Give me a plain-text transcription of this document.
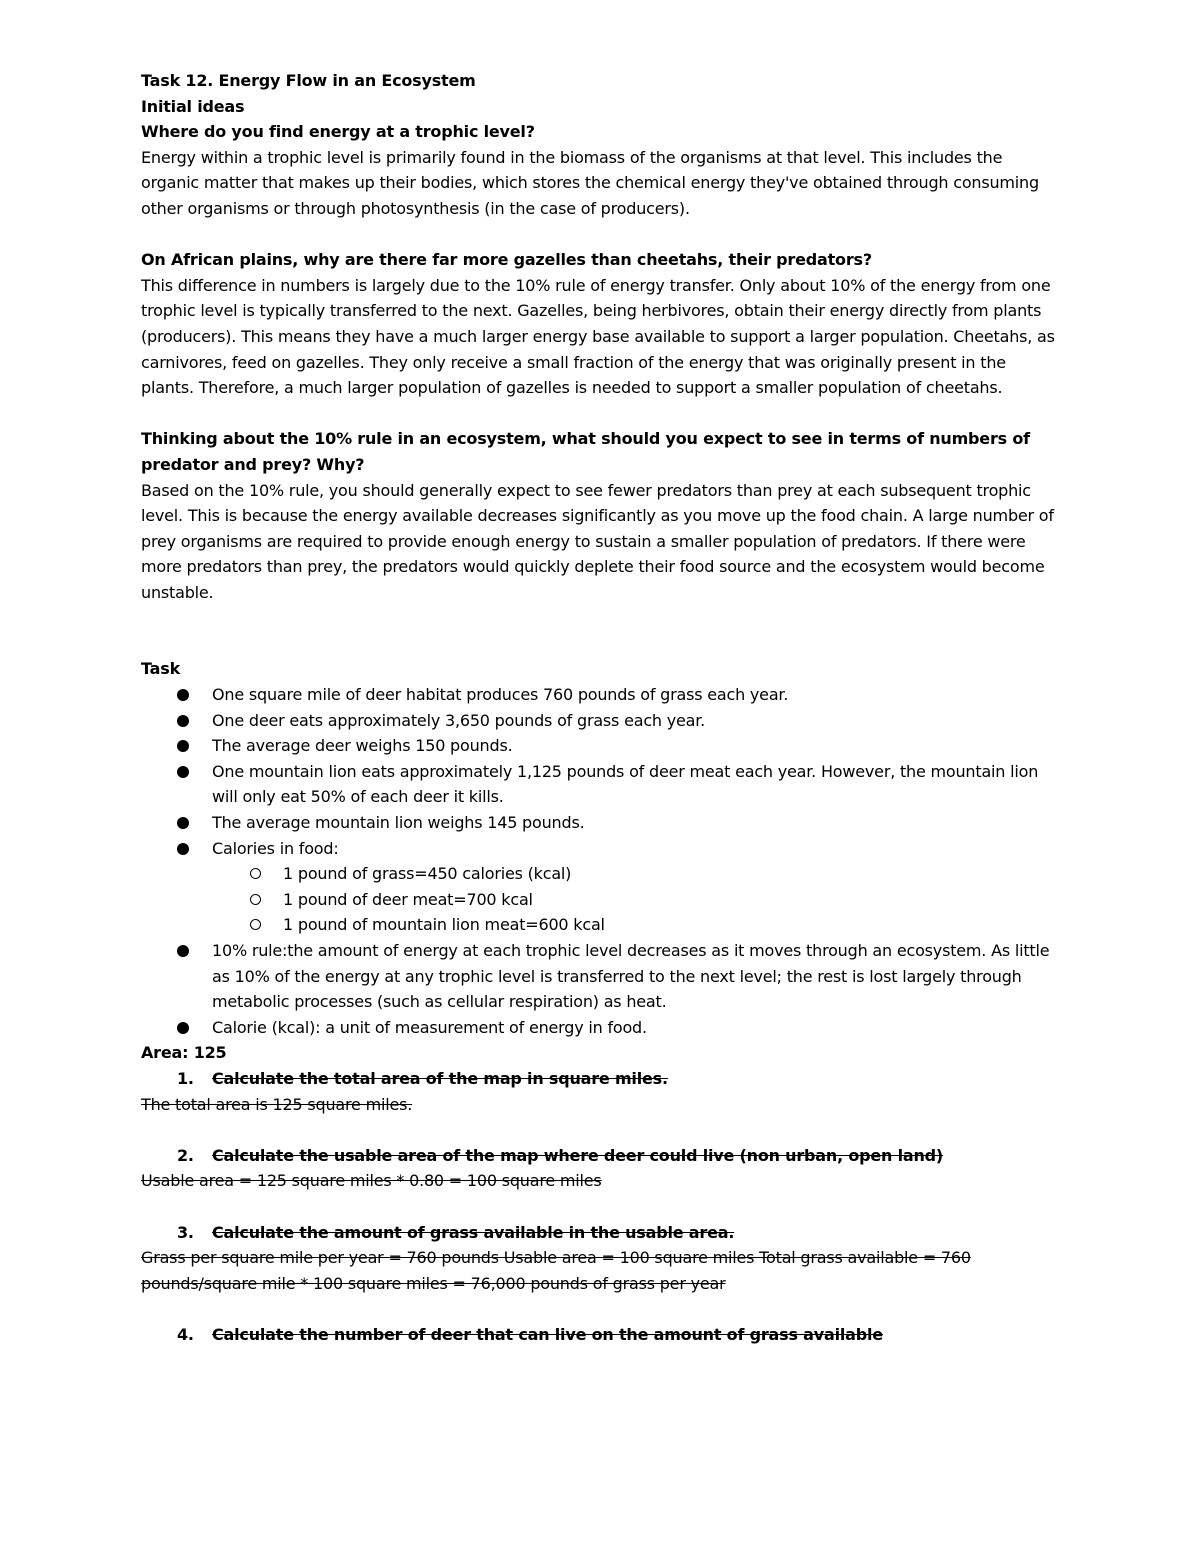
Task 12. Energy Flow in an Ecosystem

Initial ideas

Where do you find energy at a trophic level?

Energy within a trophic level is primarily found in the biomass of the organisms at that level. This includes the organic matter that makes up their bodies, which stores the chemical energy they've obtained through consuming other organisms or through photosynthesis (in the case of producers).

On African plains, why are there far more gazelles than cheetahs, their predators?

This difference in numbers is largely due to the 10% rule of energy transfer. Only about 10% of the energy from one trophic level is typically transferred to the next. Gazelles, being herbivores, obtain their energy directly from plants (producers). This means they have a much larger energy base available to support a larger population. Cheetahs, as carnivores, feed on gazelles. They only receive a small fraction of the energy that was originally present in the plants. Therefore, a much larger population of gazelles is needed to support a smaller population of cheetahs.

Thinking about the 10% rule in an ecosystem, what should you expect to see in terms of numbers of predator and prey? Why?

Based on the 10% rule, you should generally expect to see fewer predators than prey at each subsequent trophic level. This is because the energy available decreases significantly as you move up the food chain. A large number of prey organisms are required to provide enough energy to sustain a smaller population of predators. If there were more predators than prey, the predators would quickly deplete their food source and the ecosystem would become unstable.

Task

One square mile of deer habitat produces 760 pounds of grass each year.
One deer eats approximately 3,650 pounds of grass each year.
The average deer weighs 150 pounds.
One mountain lion eats approximately 1,125 pounds of deer meat each year. However, the mountain lion will only eat 50% of each deer it kills.
The average mountain lion weighs 145 pounds.
Calories in food:
1 pound of grass=450 calories (kcal)
1 pound of deer meat=700 kcal
1 pound of mountain lion meat=600 kcal
10% rule:the amount of energy at each trophic level decreases as it moves through an ecosystem. As little as 10% of the energy at any trophic level is transferred to the next level; the rest is lost largely through metabolic processes (such as cellular respiration) as heat.
Calorie (kcal): a unit of measurement of energy in food.

Area: 125

1. Calculate the total area of the map in square miles.

The total area is 125 square miles.

2. Calculate the usable area of the map where deer could live (non urban, open land)

Usable area = 125 square miles * 0.80 = 100 square miles

3. Calculate the amount of grass available in the usable area.

Grass per square mile per year = 760 pounds Usable area = 100 square miles Total grass available = 760 pounds/square mile * 100 square miles = 76,000 pounds of grass per year

4. Calculate the number of deer that can live on the amount of grass available
